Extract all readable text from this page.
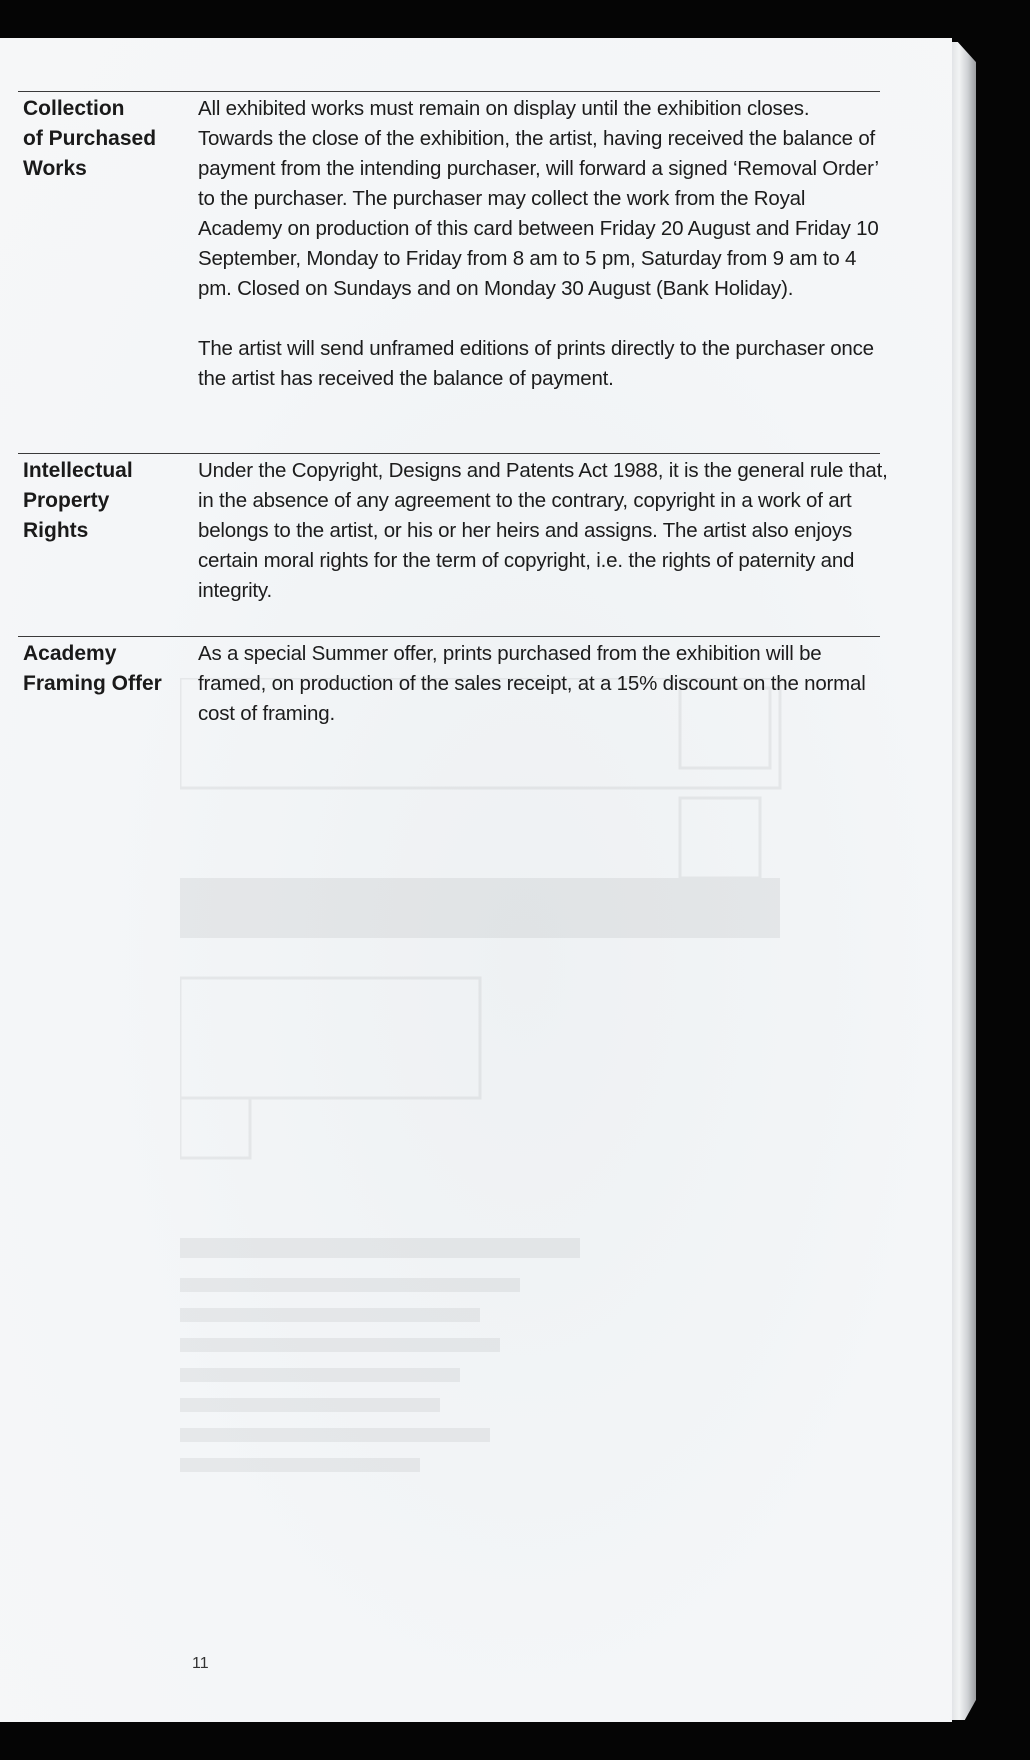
Collection
of Purchased
Works

All exhibited works must remain on display until the exhibition closes. Towards the close of the exhibition, the artist, having received the balance of payment from the intending purchaser, will forward a signed ‘Removal Order’ to the purchaser. The purchaser may collect the work from the Royal Academy on production of this card between Friday 20 August and Friday 10 September, Monday to Friday from 8 am to 5 pm, Saturday from 9 am to 4 pm. Closed on Sundays and on Monday 30 August (Bank Holiday).

The artist will send unframed editions of prints directly to the purchaser once the artist has received the balance of payment.

Intellectual
Property
Rights

Under the Copyright, Designs and Patents Act 1988, it is the general rule that, in the absence of any agreement to the contrary, copyright in a work of art belongs to the artist, or his or her heirs and assigns. The artist also enjoys certain moral rights for the term of copyright, i.e. the rights of paternity and integrity.

Academy
Framing Offer

As a special Summer offer, prints purchased from the exhibition will be framed, on production of the sales receipt, at a 15% discount on the normal cost of framing.

11
